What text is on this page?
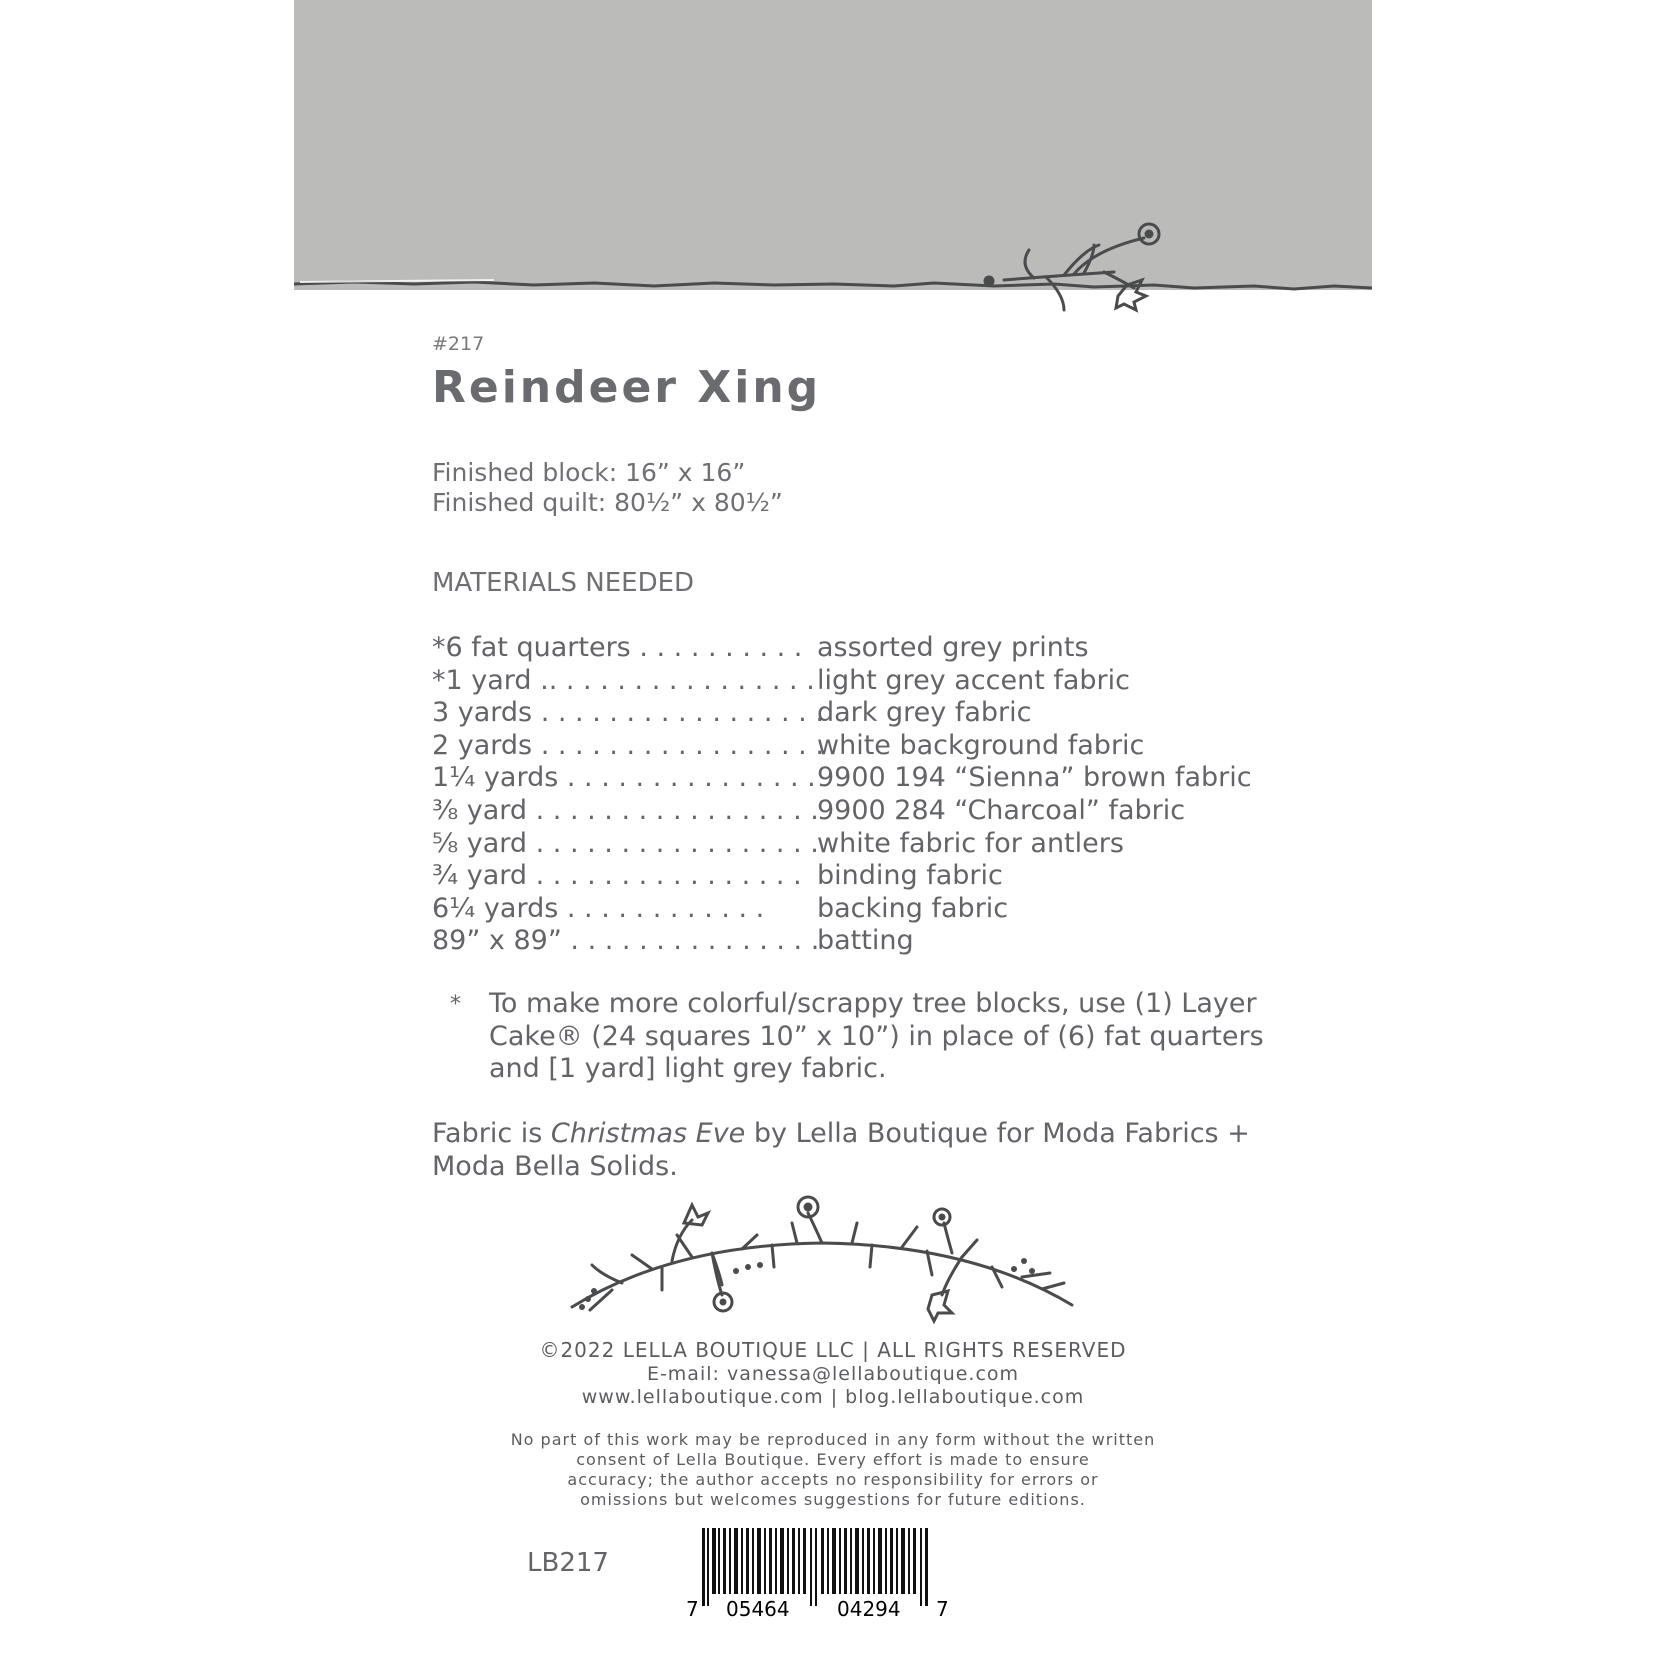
#217
Reindeer Xing
Finished block: 16” x 16”
Finished quilt: 80½” x 80½”
MATERIALS NEEDED
*6 fat quarters . . . . . . . . . . assorted grey prints
*1 yard .. . . . . . . . . . . . . . . . light grey accent fabric
3 yards . . . . . . . . . . . . . . . . .
dark grey fabric
2 yards . . . . . . . . . . . . . . . . .
white background fabric
1¼ yards . . . . . . . . . . . . . . . 9900 194 “Sienna” brown fabric
⅜ yard . . . . . . . . . . . . . . . . .
9900 284 “Charcoal” fabric
⅝ yard . . . . . . . . . . . . . . . . .
white fabric for antlers
¾ yard . . . . . . . . . . . . . . . . binding fabric
6¼ yards . . . . . . . . . . . . backing fabric
89” x 89” . . . . . . . . . . . . . . .
batting
* To make more colorful/scrappy tree blocks, use (1) Layer
Cake® (24 squares 10” x 10”) in place of (6) fat quarters
and [1 yard] light grey fabric.
Fabric is Christmas Eve by Lella Boutique for Moda Fabrics +
Moda Bella Solids.
©2022 LELLA BOUTIQUE LLC | ALL RIGHTS RESERVED
E-mail: vanessa@lellaboutique.com
www.lellaboutique.com | blog.lellaboutique.com
No part of this work may be reproduced in any form without the written
consent of Lella Boutique. Every effort is made to ensure
accuracy; the author accepts no responsibility for errors or
omissions but welcomes suggestions for future editions.
LB217
7 05464 04294 7
